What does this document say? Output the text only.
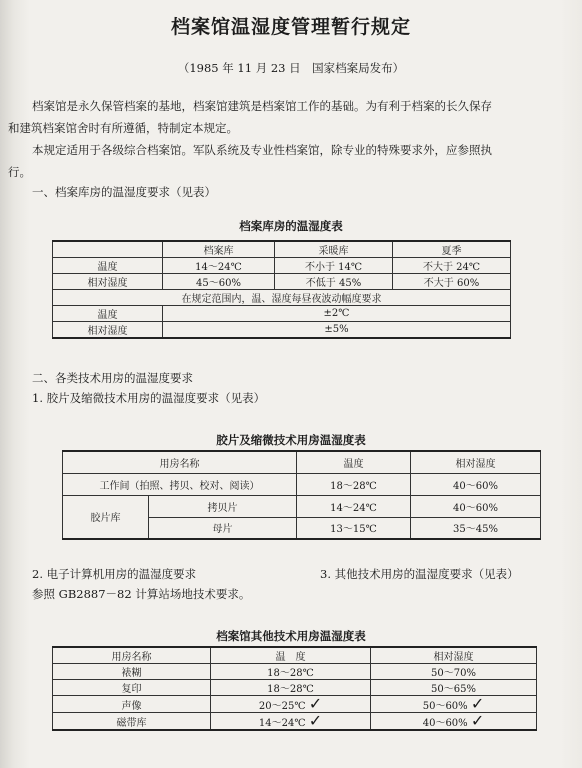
档案馆温湿度管理暂行规定
（1985 年 11 月 23 日　国家档案局发布）
档案馆是永久保管档案的基地，档案馆建筑是档案馆工作的基础。为有利于档案的长久保存
和建筑档案馆舍时有所遵循，特制定本规定。
本规定适用于各级综合档案馆。军队系统及专业性档案馆，除专业的特殊要求外，应参照执
行。
一、档案库房的温湿度要求（见表）
档案库房的温湿度表
	档案库	采暖库	夏季
温度	14～24℃	不小于 14℃	不大于 24℃
相对湿度	45～60%	不低于 45%	不大于 60%
在规定范围内，温、湿度每昼夜波动幅度要求			
温度	±2℃		
相对湿度	±5%		
二、各类技术用房的温湿度要求
1. 胶片及缩微技术用房的温湿度要求（见表）
胶片及缩微技术用房温湿度表
用房名称		温度	相对湿度
工作间（拍照、拷贝、校对、阅读）		18～28℃	40～60%
胶片库	拷贝片	14～24℃	40～60%
	母片	13～15℃	35～45%
2. 电子计算机用房的温湿度要求	3. 其他技术用房的温湿度要求（见表）
参照 GB2887－82 计算站场地技术要求。
档案馆其他技术用房温湿度表
用房名称	温　度	相对湿度
裱糊	18～28℃	50～70%
复印	18～28℃	50～65%
声像	20～25℃ ✓	50～60% ✓
磁带库	14～24℃ ✓	40～60% ✓
